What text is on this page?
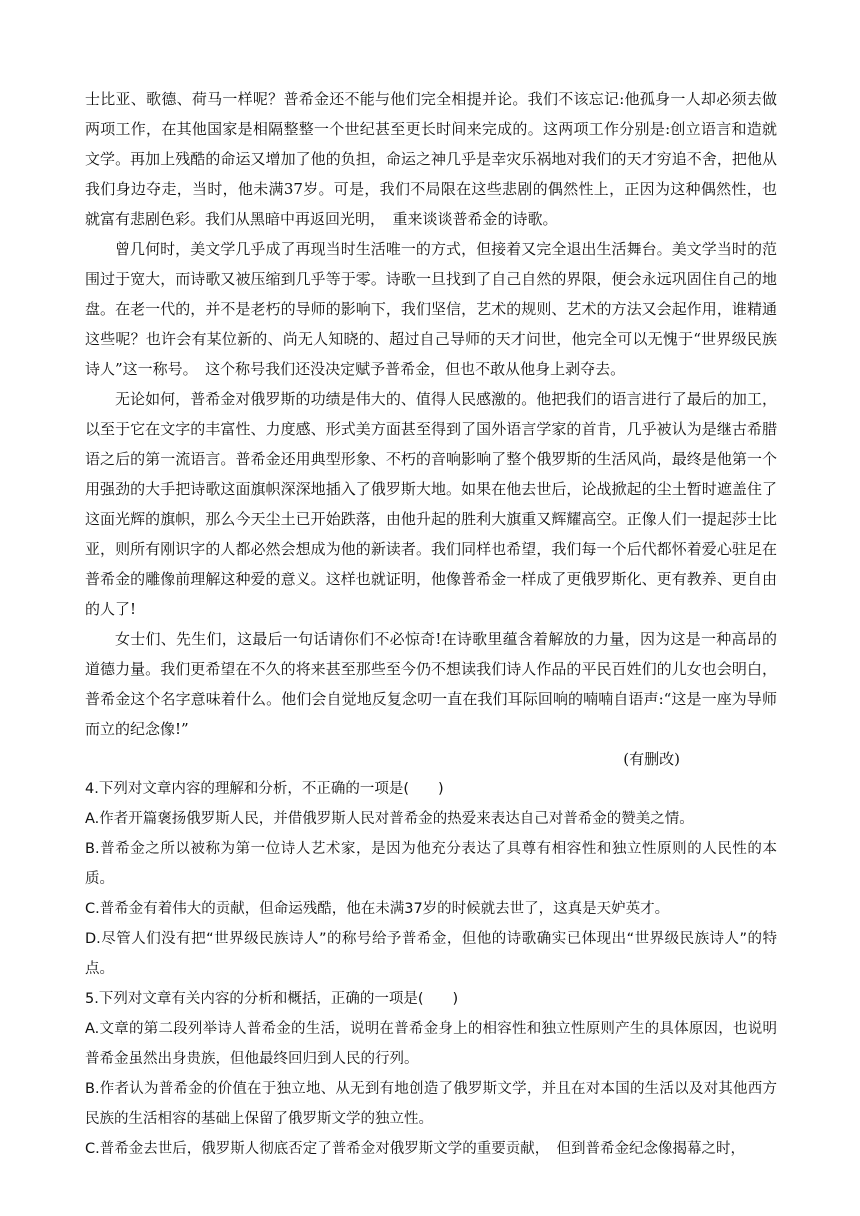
士比亚、歌德、荷马一样呢？普希金还不能与他们完全相提并论。我们不该忘记:他孤身一人却必须去做两项工作，在其他国家是相隔整整一个世纪甚至更长时间来完成的。这两项工作分别是:创立语言和造就文学。再加上残酷的命运又增加了他的负担，命运之神几乎是幸灾乐祸地对我们的天才穷追不舍，把他从我们身边夺走，当时，他未满37岁。可是，我们不局限在这些悲剧的偶然性上，正因为这种偶然性，也就富有悲剧色彩。我们从黑暗中再返回光明，　重来谈谈普希金的诗歌。

曾几何时，美文学几乎成了再现当时生活唯一的方式，但接着又完全退出生活舞台。美文学当时的范围过于宽大，而诗歌又被压缩到几乎等于零。诗歌一旦找到了自己自然的界限，便会永远巩固住自己的地盘。在老一代的，并不是老朽的导师的影响下，我们坚信，艺术的规则、艺术的方法又会起作用，谁精通这些呢？也许会有某位新的、尚无人知晓的、超过自己导师的天才问世，他完全可以无愧于“世界级民族诗人”这一称号。　这个称号我们还没决定赋予普希金，但也不敢从他身上剥夺去。

无论如何，普希金对俄罗斯的功绩是伟大的、值得人民感激的。他把我们的语言进行了最后的加工，以至于它在文字的丰富性、力度感、形式美方面甚至得到了国外语言学家的首肯，几乎被认为是继古希腊语之后的第一流语言。普希金还用典型形象、不朽的音响影响了整个俄罗斯的生活风尚，最终是他第一个用强劲的大手把诗歌这面旗帜深深地插入了俄罗斯大地。如果在他去世后，论战掀起的尘土暂时遮盖住了这面光辉的旗帜，那么今天尘土已开始跌落，由他升起的胜利大旗重又辉耀高空。正像人们一提起莎士比亚，则所有刚识字的人都必然会想成为他的新读者。我们同样也希望，我们每一个后代都怀着爱心驻足在普希金的雕像前理解这种爱的意义。这样也就证明，他像普希金一样成了更俄罗斯化、更有教养、更自由的人了!

女士们、先生们，这最后一句话请你们不必惊奇!在诗歌里蕴含着解放的力量，因为这是一种高昂的道德力量。我们更希望在不久的将来甚至那些至今仍不想读我们诗人作品的平民百姓们的儿女也会明白，普希金这个名字意味着什么。他们会自觉地反复念叨一直在我们耳际回响的喃喃自语声:“这是一座为导师而立的纪念像!”

(有删改)

4.下列对文章内容的理解和分析，不正确的一项是(　　)

A.作者开篇褒扬俄罗斯人民，并借俄罗斯人民对普希金的热爱来表达自己对普希金的赞美之情。

B.普希金之所以被称为第一位诗人艺术家，是因为他充分表达了具尊有相容性和独立性原则的人民性的本质。

C.普希金有着伟大的贡献，但命运残酷，他在未满37岁的时候就去世了，这真是天妒英才。

D.尽管人们没有把“世界级民族诗人”的称号给予普希金，但他的诗歌确实已体现出“世界级民族诗人”的特点。

5.下列对文章有关内容的分析和概括，正确的一项是(　　)

A.文章的第二段列举诗人普希金的生活，说明在普希金身上的相容性和独立性原则产生的具体原因，也说明普希金虽然出身贵族，但他最终回归到人民的行列。

B.作者认为普希金的价值在于独立地、从无到有地创造了俄罗斯文学，并且在对本国的生活以及对其他西方民族的生活相容的基础上保留了俄罗斯文学的独立性。

C.普希金去世后，俄罗斯人彻底否定了普希金对俄罗斯文学的重要贡献，　但到普希金纪念像揭幕之时，
